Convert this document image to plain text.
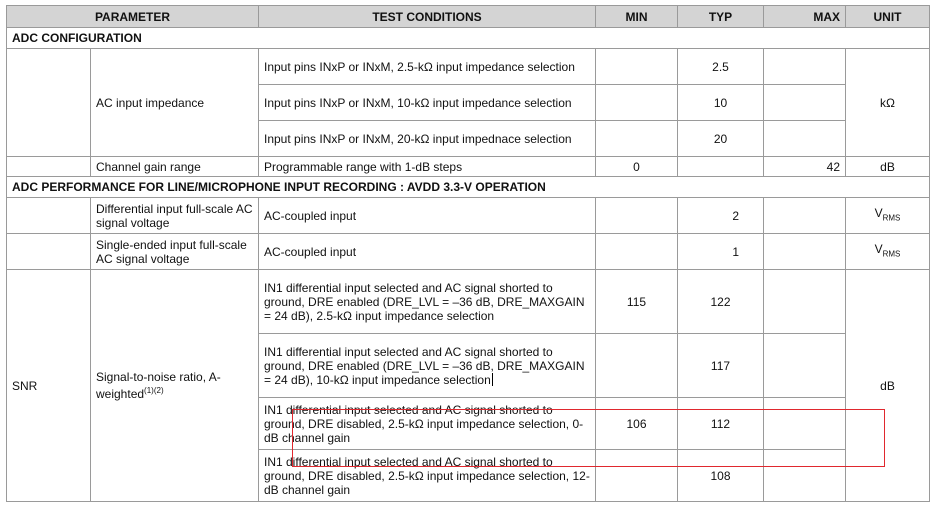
PARAMETER		TEST CONDITIONS	MIN	TYP	MAX	UNIT
ADC CONFIGURATION						
	AC input impedance	Input pins INxP or INxM, 2.5-kΩ input impedance selection		2.5		kΩ
		Input pins INxP or INxM, 10-kΩ input impedance selection		10		
		Input pins INxP or INxM, 20-kΩ input impednace selection		20		
	Channel gain range	Programmable range with 1-dB steps	0		42	dB
ADC PERFORMANCE FOR LINE/MICROPHONE INPUT RECORDING : AVDD 3.3-V OPERATION						
	Differential input full-scale AC signal voltage	AC-coupled input		2		$V_{RMS}$
	Single-ended input full-scale AC signal voltage	AC-coupled input		1		$V_{RMS}$
SNR	Signal-to-noise ratio, A-weighted$^{(1)(2)}$	IN1 differential input selected and AC signal shorted to ground, DRE enabled (DRE_LVL = –36 dB, DRE_MAXGAIN = 24 dB), 2.5-kΩ input impedance selection	115	122		dB
		IN1 differential input selected and AC signal shorted to ground, DRE enabled (DRE_LVL = –36 dB, DRE_MAXGAIN = 24 dB), 10-kΩ input impedance selection		117		
		IN1 differential input selected and AC signal shorted to ground, DRE disabled, 2.5-kΩ input impedance selection, 0-dB channel gain	106	112		
		IN1 differential input selected and AC signal shorted to ground, DRE disabled, 2.5-kΩ input impedance selection, 12-dB channel gain		108		
